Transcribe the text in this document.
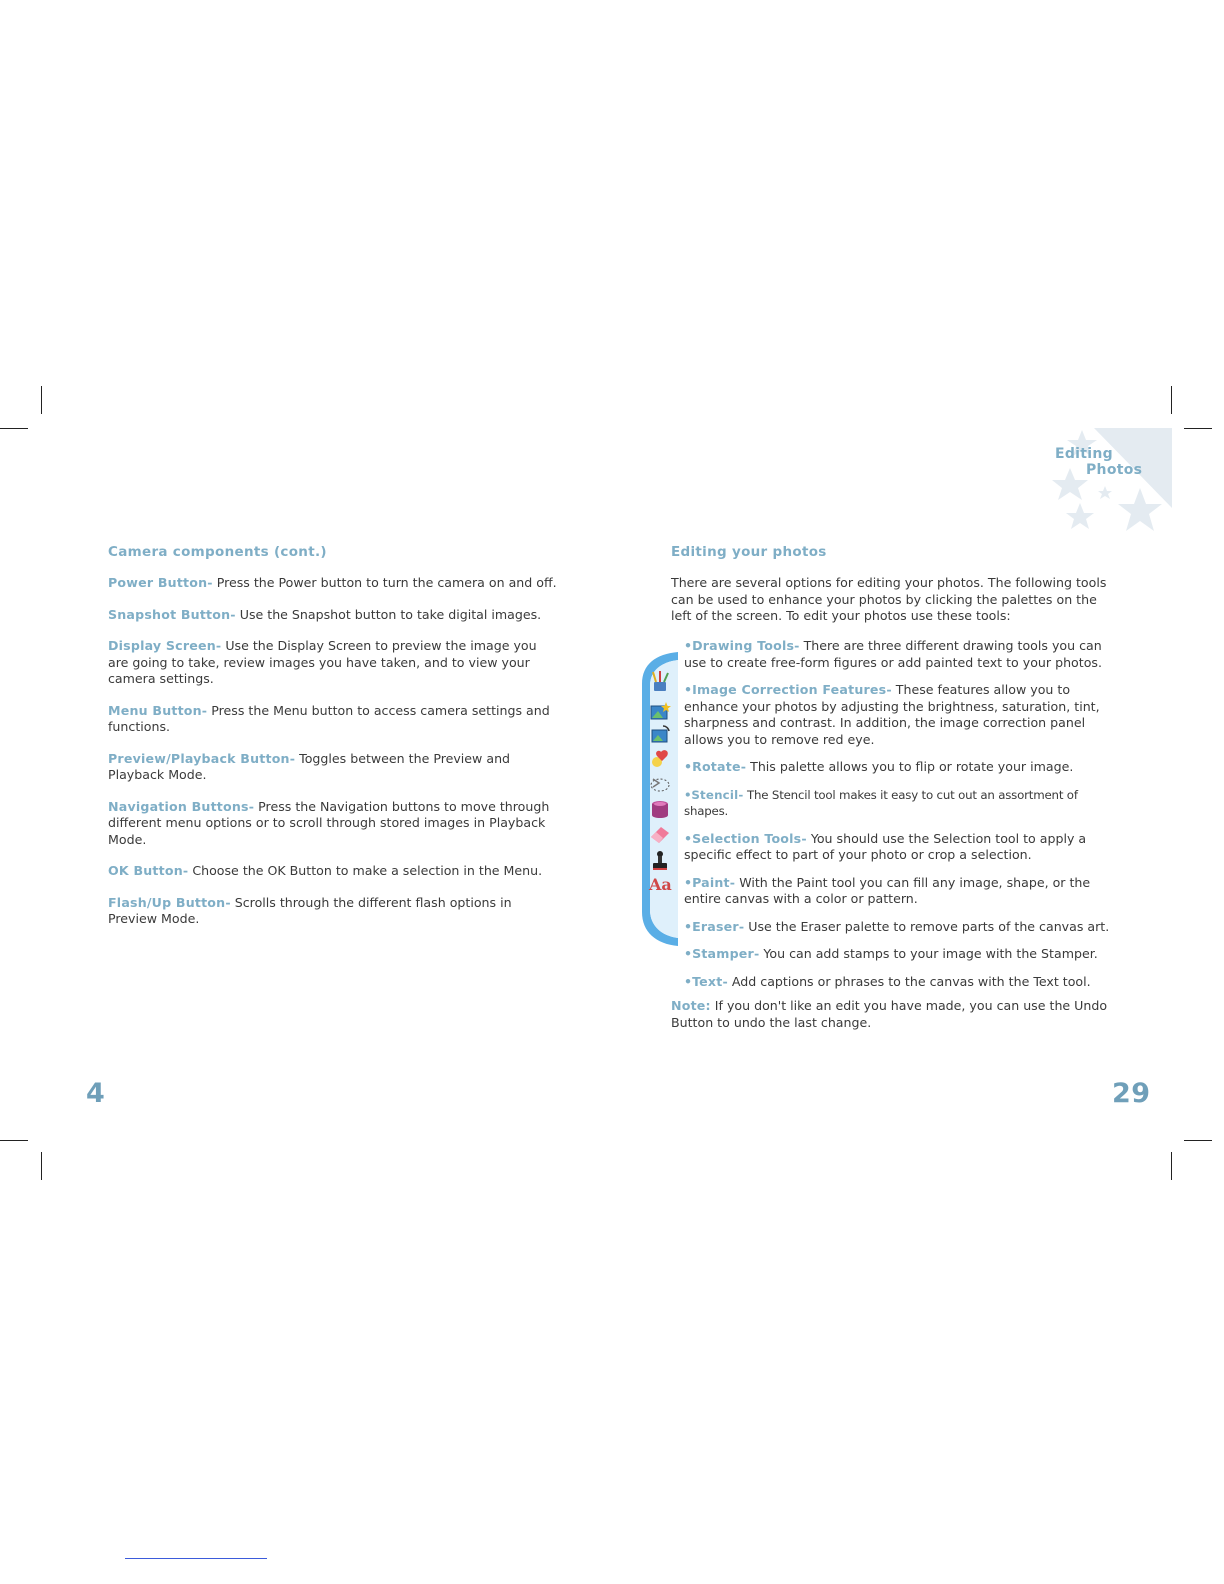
Editing
Photos
Camera components (cont.)

Power Button- Press the Power button to turn the camera on and off.

Snapshot Button- Use the Snapshot button to take digital images.

Display Screen- Use the Display Screen to preview the image you are going to take, review images you have taken, and to view your camera settings.

Menu Button- Press the Menu button to access camera settings and functions.

Preview/Playback Button- Toggles between the Preview and Playback Mode.

Navigation Buttons- Press the Navigation buttons to move through different menu options or to scroll through stored images in Playback Mode.

OK Button- Choose the OK Button to make a selection in the Menu.

Flash/Up Button- Scrolls through the different flash options in Preview Mode.

4
Editing your photos
There are several options for editing your photos. The following tools can be used to enhance your photos by clicking the palettes on the left of the screen. To edit your photos use these tools:
Aa

•Drawing Tools- There are three different drawing tools you can use to create free-form figures or add painted text to your photos.

•Image Correction Features- These features allow you to enhance your photos by adjusting the brightness, saturation, tint, sharpness and contrast. In addition, the image correction panel allows you to remove red eye.

•Rotate- This palette allows you to flip or rotate your image.

•Stencil- The Stencil tool makes it easy to cut out an assortment of shapes.

•Selection Tools- You should use the Selection tool to apply a specific effect to part of your photo or crop a selection.

•Paint- With the Paint tool you can fill any image, shape, or the entire canvas with a color or pattern.

•Eraser- Use the Eraser palette to remove parts of the canvas art.

•Stamper- You can add stamps to your image with the Stamper.

•Text- Add captions or phrases to the canvas with the Text tool.

Note: If you don't like an edit you have made, you can use the Undo Button to undo the last change.
29
